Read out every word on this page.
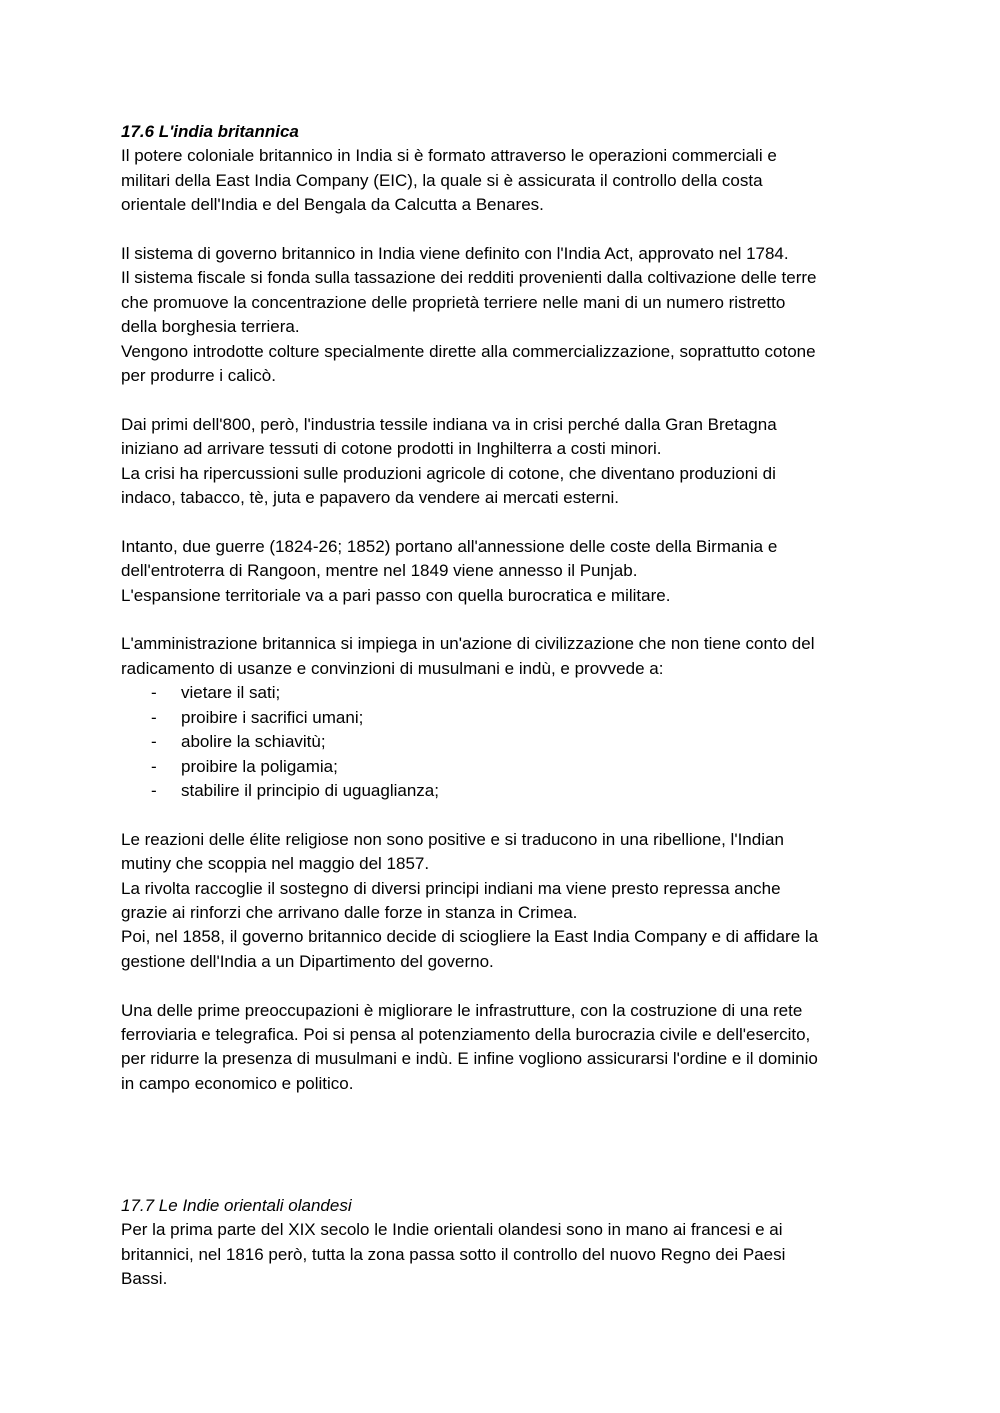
17.6 L'india britannica
Il potere coloniale britannico in India si è formato attraverso le operazioni commerciali e
militari della East India Company (EIC), la quale si è assicurata il controllo della costa
orientale dell'India e del Bengala da Calcutta a Benares.
Il sistema di governo britannico in India viene definito con l'India Act, approvato nel 1784.
Il sistema fiscale si fonda sulla tassazione dei redditi provenienti dalla coltivazione delle terre
che promuove la concentrazione delle proprietà terriere nelle mani di un numero ristretto
della borghesia terriera.
Vengono introdotte colture specialmente dirette alla commercializzazione, soprattutto cotone
per produrre i calicò.
Dai primi dell'800, però, l'industria tessile indiana va in crisi perché dalla Gran Bretagna
iniziano ad arrivare tessuti di cotone prodotti in Inghilterra a costi minori.
La crisi ha ripercussioni sulle produzioni agricole di cotone, che diventano produzioni di
indaco, tabacco, tè, juta e papavero da vendere ai mercati esterni.
Intanto, due guerre (1824-26; 1852) portano all'annessione delle coste della Birmania e
dell'entroterra di Rangoon, mentre nel 1849 viene annesso il Punjab.
L'espansione territoriale va a pari passo con quella burocratica e militare.
L'amministrazione britannica si impiega in un'azione di civilizzazione che non tiene conto del
radicamento di usanze e convinzioni di musulmani e indù, e provvede a:
- vietare il sati;
- proibire i sacrifici umani;
- abolire la schiavitù;
- proibire la poligamia;
- stabilire il principio di uguaglianza;
Le reazioni delle élite religiose non sono positive e si traducono in una ribellione, l'Indian
mutiny che scoppia nel maggio del 1857.
La rivolta raccoglie il sostegno di diversi principi indiani ma viene presto repressa anche
grazie ai rinforzi che arrivano dalle forze in stanza in Crimea.
Poi, nel 1858, il governo britannico decide di sciogliere la East India Company e di affidare la
gestione dell'India a un Dipartimento del governo.
Una delle prime preoccupazioni è migliorare le infrastrutture, con la costruzione di una rete
ferroviaria e telegrafica. Poi si pensa al potenziamento della burocrazia civile e dell'esercito,
per ridurre la presenza di musulmani e indù. E infine vogliono assicurarsi l'ordine e il dominio
in campo economico e politico.
17.7 Le Indie orientali olandesi
Per la prima parte del XIX secolo le Indie orientali olandesi sono in mano ai francesi e ai
britannici, nel 1816 però, tutta la zona passa sotto il controllo del nuovo Regno dei Paesi
Bassi.
